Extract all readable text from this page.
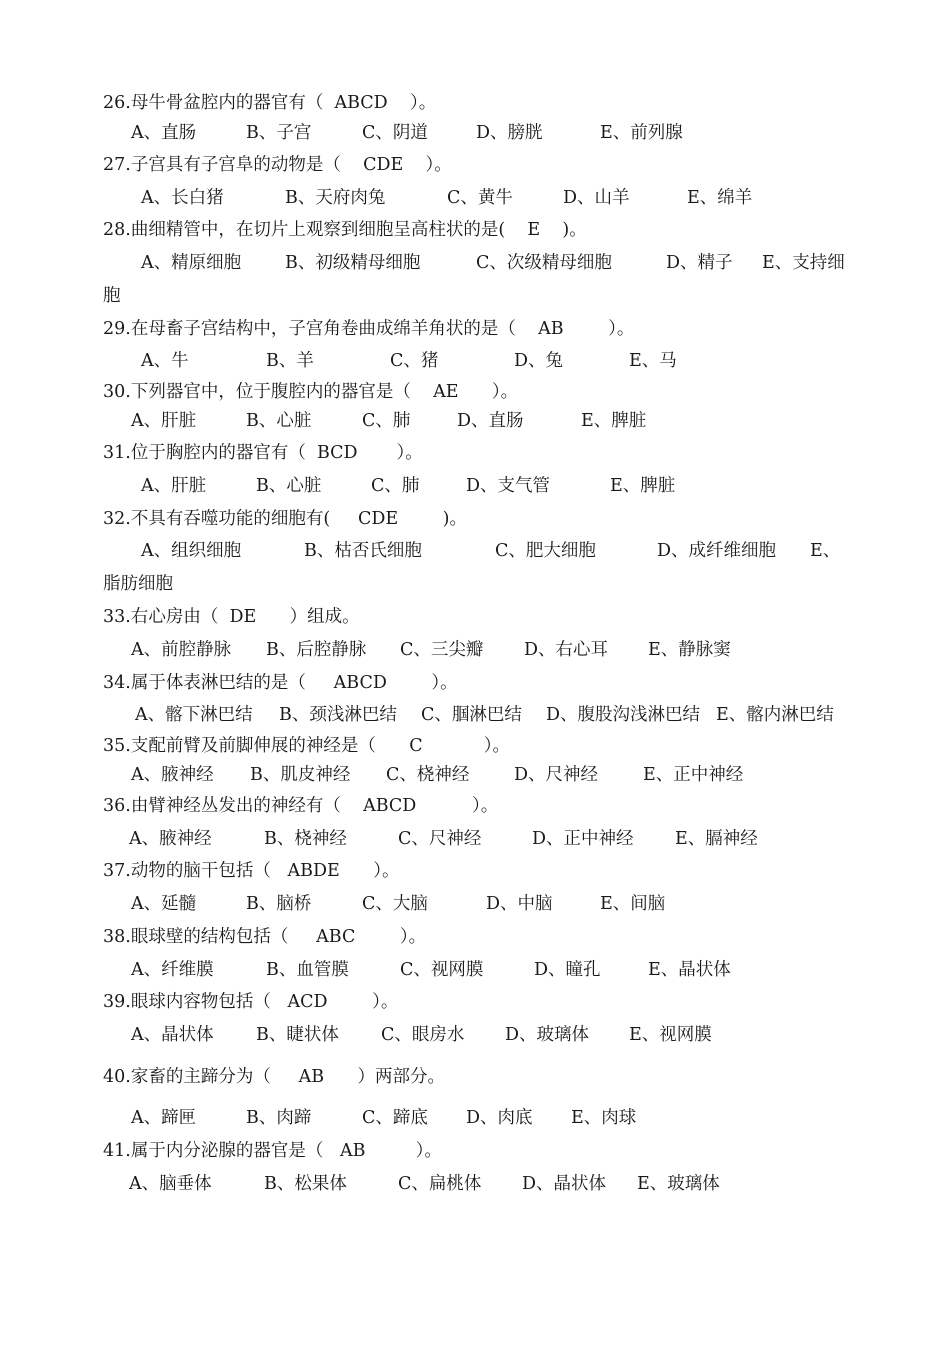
26.母牛骨盆腔内的器官有（  ABCD    ）。

A、直肠

	B、子宫

	C、阴道

	D、膀胱

	E、前列腺

27.子宫具有子宫阜的动物是（    CDE    ）。

A、长白猪

	B、天府肉兔

	C、黄牛

	D、山羊

	E、绵羊

28.曲细精管中，在切片上观察到细胞呈高柱状的是(    E    )。

A、精原细胞

	B、初级精母细胞

	C、次级精母细胞

	D、精子

E、支持细

胞
29.在母畜子宫结构中，子宫角卷曲成绵羊角状的是（    AB        ）。

A、牛

	B、羊

	C、猪

	D、兔

	E、马

30.下列器官中，位于腹腔内的器官是（    AE      ）。

A、肝脏

	B、心脏

	C、肺

	D、直肠

	E、脾脏

31.位于胸腔内的器官有（  BCD       ）。

A、肝脏

	B、心脏

	C、肺

	D、支气管

	E、脾脏

32.不具有吞噬功能的细胞有(     CDE        )。

A、组织细胞

	B、枯否氏细胞

	C、肥大细胞

	D、成纤维细胞

E、

脂肪细胞
33.右心房由（  DE      ）组成。

A、前腔静脉

B、后腔静脉

C、三尖瓣

D、右心耳

E、静脉窦

34.属于体表淋巴结的是（     ABCD        ）。

A、髂下淋巴结

B、颈浅淋巴结

C、腘淋巴结

D、腹股沟浅淋巴结

E、髂内淋巴结

35.支配前臂及前脚伸展的神经是（      C           ）。

A、腋神经

B、肌皮神经

C、桡神经

	D、尺神经

	E、正中神经

36.由臂神经丛发出的神经有（    ABCD          ）。

A、腋神经

	B、桡神经

	C、尺神经

	D、正中神经

E、膈神经

37.动物的脑干包括（   ABDE      ）。

A、延髓

	B、脑桥

	C、大脑

	D、中脑

	E、间脑

38.眼球壁的结构包括（     ABC        ）。

A、纤维膜

	B、血管膜

	C、视网膜

	D、瞳孔

	E、晶状体

39.眼球内容物包括（   ACD        ）。

A、晶状体

B、睫状体

C、眼房水

D、玻璃体

E、视网膜

40.家畜的主蹄分为（     AB      ）两部分。

A、蹄匣

	B、肉蹄

	C、蹄底

D、肉底

E、肉球

41.属于内分泌腺的器官是（   AB         ）。

A、脑垂体

	B、松果体

	C、扁桃体

D、晶状体

E、玻璃体
